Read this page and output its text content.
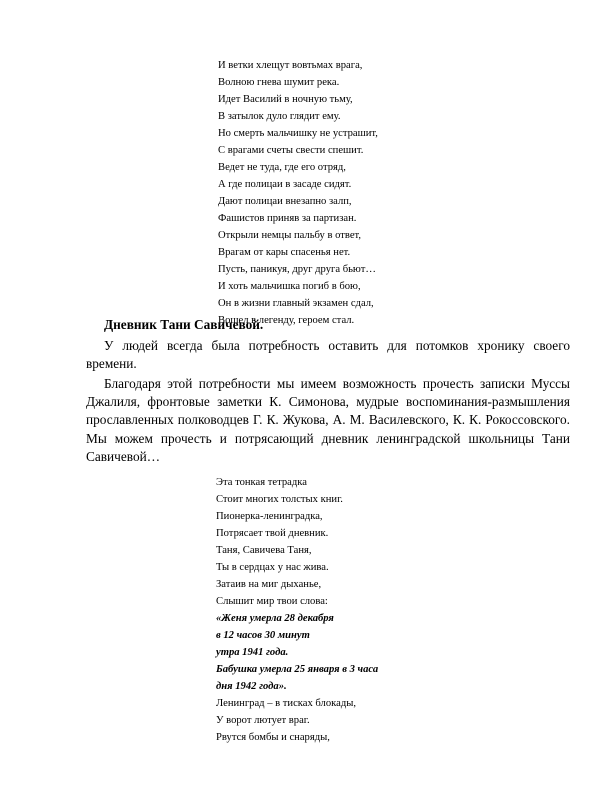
И ветки хлещут вовтьмах врага,
Волною гнева шумит река.
Идет Василий в ночную тьму,
В затылок дуло глядит ему.
Но смерть мальчишку не устрашит,
С врагами счеты свести спешит.
Ведет не туда, где его отряд,
А где полицаи в засаде сидят.
Дают полицаи внезапно залп,
Фашистов приняв за партизан.
Открыли немцы пальбу в ответ,
Врагам от кары спасенья нет.
Пусть, паникуя, друг друга бьют…
И хоть мальчишка погиб в бою,
Он в жизни главный экзамен сдал,
Вошел в легенду, героем стал.
Дневник Тани Савичевой.

У людей всегда была потребность оставить для потомков хронику своего времени.

Благодаря этой потребности мы имеем возможность прочесть записки Муссы Джалиля, фронтовые заметки К. Симонова, мудрые воспоминания-размышления прославленных полководцев Г. К. Жукова, А. М. Василевского, К. К. Рокоссовского. Мы можем прочесть и потрясающий дневник ленинградской школьницы Тани Савичевой…

Эта тонкая тетрадка
Стоит многих толстых книг.
Пионерка-ленинградка,
Потрясает твой дневник.
Таня, Савичева Таня,
Ты в сердцах у нас жива.
Затаив на миг дыханье,
Слышит мир твои слова:
«Женя умерла 28 декабря
в 12 часов 30 минут
утра 1941 года.
Бабушка умерла 25 января в 3 часа
дня 1942 года».
Ленинград – в тисках блокады,
У ворот лютует враг.
Рвутся бомбы и снаряды,
